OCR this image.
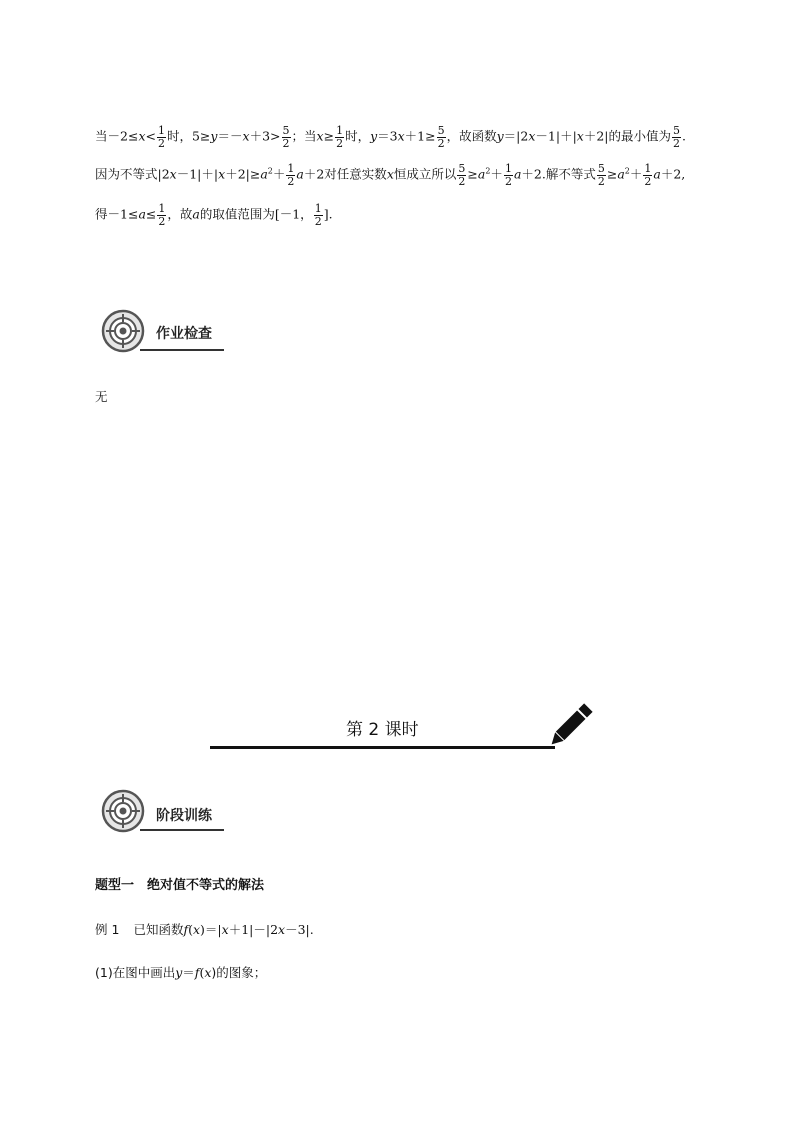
当$-2\le x< \frac{1}{2}$ 时，$5\ge y=-x+3> \frac{5}{2}$ ；当$x\ge \frac{1}{2}$ 时，$y=3x+1\ge \frac{5}{2}$ ，故函数y＝|2x－1|＋|x＋2|的最小值为 $\frac{5}{2}$ .
因为不等式$|2x-1|+|x+2|\ge a^2+ \frac{1}{2} a+2$对任意实数x恒成立所以 $\frac{5}{2} \ge a^2+ \frac{1}{2} a+2$.解不等式 $\frac{5}{2} \ge a^2+ \frac{1}{2} a+2$,
得$-1\le a\le \frac{1}{2}$ ，故a的取值范围为[－1， $\frac{1}{2}$ ].
作业检查
无
第 2 课时
阶段训练
题型一　绝对值不等式的解法
例 1 已知函数f(x)＝|x＋1|－|2x－3|.
(1)在图中画出y＝f(x)的图象；
